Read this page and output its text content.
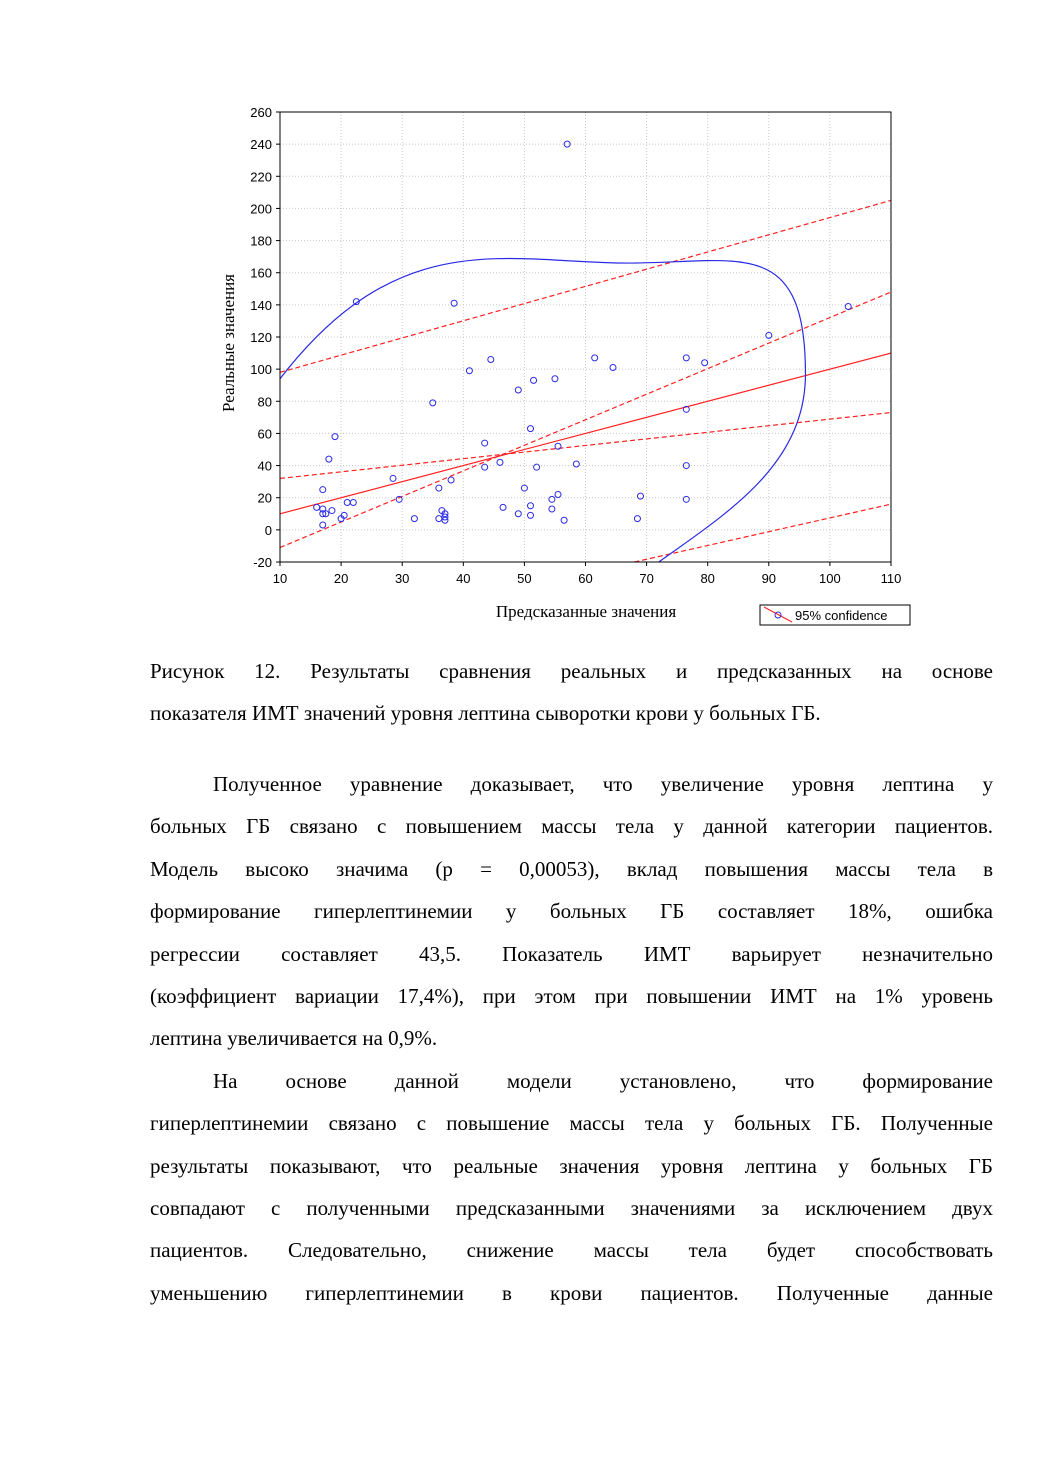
10	20	30	40	50	60	70	80	90	100	110
-20
0
20
40
60
80
100
120
140
160
180
200
220
240
260
Предсказанные значения
Реальные значения
95% confidence
Рисунок 12. Результаты сравнения реальных и предсказанных на основе
показателя ИМТ значений уровня лептина сыворотки крови у больных ГБ.
Полученное уравнение доказывает, что увеличение уровня лептина у
больных ГБ связано с повышением массы тела у данной категории пациентов.
Модель высоко значима (р = 0,00053), вклад повышения массы тела в
формирование гиперлептинемии у больных ГБ составляет 18%, ошибка
регрессии составляет 43,5. Показатель ИМТ варьирует незначительно
(коэффициент вариации 17,4%), при этом при повышении ИМТ на 1% уровень
лептина увеличивается на 0,9%.
На основе данной модели установлено, что формирование
гиперлептинемии связано с повышение массы тела у больных ГБ. Полученные
результаты показывают, что реальные значения уровня лептина у больных ГБ
совпадают с полученными предсказанными значениями за исключением двух
пациентов. Следовательно, снижение массы тела будет способствовать
уменьшению гиперлептинемии в крови пациентов. Полученные данные
